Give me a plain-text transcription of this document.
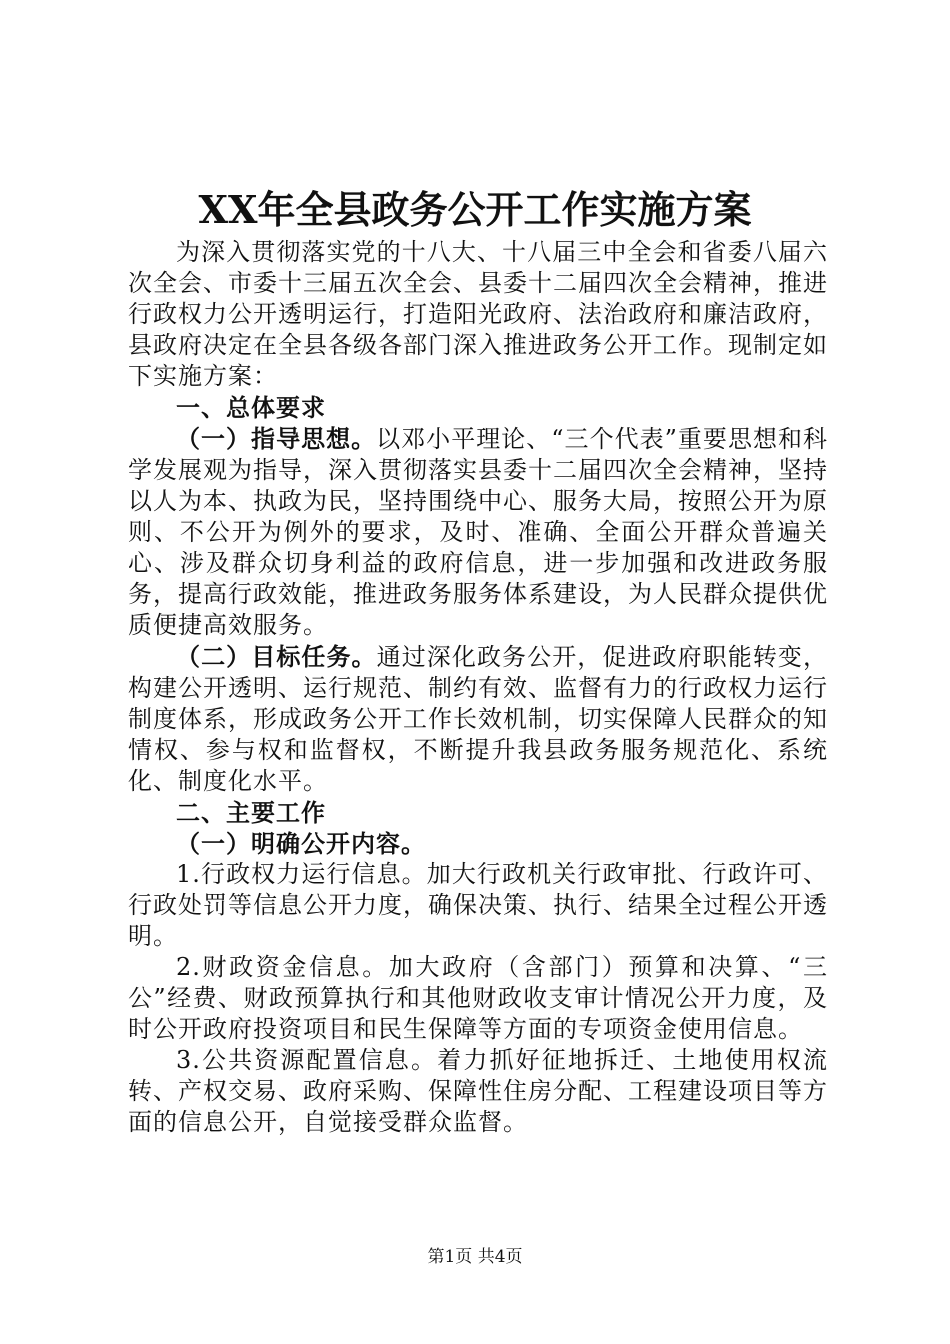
XX年全县政务公开工作实施方案

为深入贯彻落实党的十八大、十八届三中全会和省委八届六次全会、市委十三届五次全会、县委十二届四次全会精神，推进行政权力公开透明运行，打造阳光政府、法治政府和廉洁政府，县政府决定在全县各级各部门深入推进政务公开工作。现制定如下实施方案：

一、总体要求

（一）指导思想。以邓小平理论、“三个代表”重要思想和科学发展观为指导，深入贯彻落实县委十二届四次全会精神，坚持以人为本、执政为民，坚持围绕中心、服务大局，按照公开为原则、不公开为例外的要求，及时、准确、全面公开群众普遍关心、涉及群众切身利益的政府信息，进一步加强和改进政务服务，提高行政效能，推进政务服务体系建设，为人民群众提供优质便捷高效服务。

（二）目标任务。通过深化政务公开，促进政府职能转变，构建公开透明、运行规范、制约有效、监督有力的行政权力运行制度体系，形成政务公开工作长效机制，切实保障人民群众的知情权、参与权和监督权，不断提升我县政务服务规范化、系统化、制度化水平。

二、主要工作

（一）明确公开内容。

1.行政权力运行信息。加大行政机关行政审批、行政许可、行政处罚等信息公开力度，确保决策、执行、结果全过程公开透明。

2.财政资金信息。加大政府（含部门）预算和决算、“三公”经费、财政预算执行和其他财政收支审计情况公开力度，及时公开政府投资项目和民生保障等方面的专项资金使用信息。

3.公共资源配置信息。着力抓好征地拆迁、土地使用权流转、产权交易、政府采购、保障性住房分配、工程建设项目等方面的信息公开，自觉接受群众监督。

第1页 共4页
